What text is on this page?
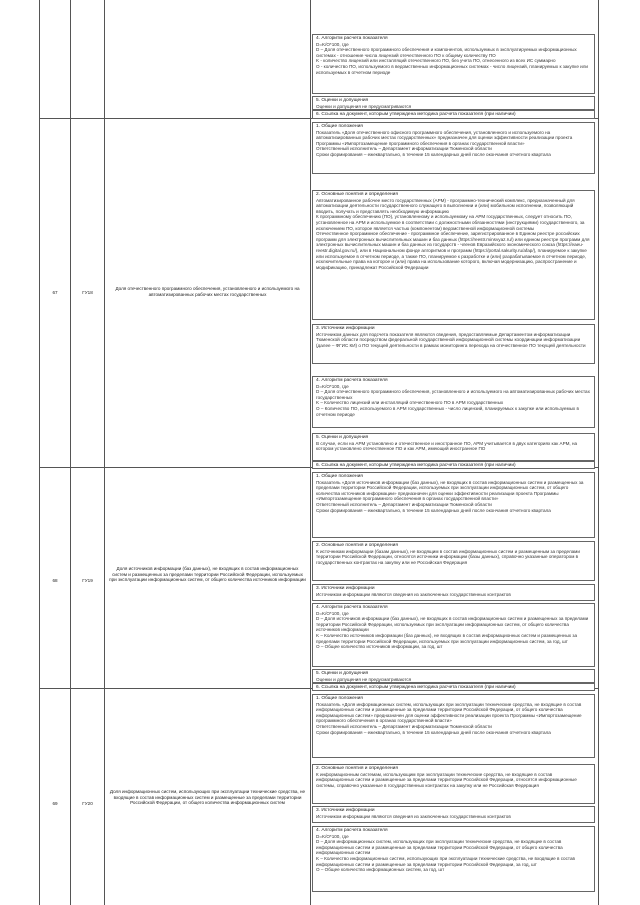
4. Алгоритм расчета показателя
D=K/O*100, где
D – Доля отечественного программного обеспечения и компонентов, используемых в эксплуатируемых информационных системах - отношение числа лицензий отечественного ПО к общему количеству ПО
K - количество лицензий или инсталляций отечественного ПО, без учета ПО, отнесенного из всех ИС суммарно
O - количество ПО, используемого в ведомственных информационных системах - число лицензий, планируемых к закупке или используемых в отчетном периоде
5. Оценки и допущения
Оценки и допущения не предусматриваются
6. Ссылка на документ, которым утверждена методика расчета показателя (при наличии)
67	ГУ18
Доля отечественного программного обеспечения, установленного и используемого на автоматизированных рабочих местах государственных
1. Общие положения
Показатель «Доля отечественного офисного программного обеспечения, установленного и используемого на автоматизированных рабочих местах государственных» предназначен для оценки эффективности реализации проекта Программы «Импортозамещение программного обеспечения в органах государственной власти»
Ответственный исполнитель – Департамент информатизации Тюменской области
Сроки формирования – ежеквартально, в течение 15 календарных дней после окончания отчетного квартала
2. Основные понятия и определения
Автоматизированное рабочее место государственных (АРМ) - программно-технический комплекс, предназначенный для автоматизации деятельности государственного служащего в выполнении и (или) мобильном исполнении, позволяющий вводить, получать и представлять необходимую информацию
К программному обеспечению (ПО), установленному и используемому на АРМ государственных, следует относить ПО, установленное на АРМ и используемое в соответствии с должностными обязанностями (инструкциями) государственного, за исключением ПО, которое является частью (компонентом) ведомственной информационной системы
Отечественное программное обеспечение - программное обеспечение, зарегистрированное в Едином реестре российских программ для электронных вычислительных машин и баз данных (https://reestr.minsvyaz.ru/) или едином реестре программ для электронных вычислительных машин и баз данных из государств - членов Евразийского экономического союза (https://eaeu-reestr.digital.gov.ru/), или в Национальном фонде алгоритмов и программ (https://portal.sakurity.ru/afap/), планируемое к закупке или используемое в отчетном периоде, а также ПО, планируемое к разработке и (или) разрабатываемое в отчетном периоде, исключительные права на которое и (или) права на использование которого, включая модернизацию, распространение и модификацию, принадлежат Российской Федерации
3. Источники информации
Источником данных для подсчета показателя являются сведения, предоставляемые Департаментом информатизации Тюменской области посредством федеральной государственной информационной системы координации информатизации (далее – ФГИС КИ) о ПО текущей деятельности в рамках мониторинга перехода на отечественное ПО текущей деятельности
4. Алгоритм расчета показателя
D=K/O*100, где
D – Доля отечественного программного обеспечения, установленного и используемого на автоматизированных рабочих местах государственных
K – Количество лицензий или инсталляций отечественного ПО в АРМ государственных
O – Количество ПО, используемого в АРМ государственных - число лицензий, планируемых к закупке или используемых в отчетном периоде
5. Оценки и допущения
В случае, если на АРМ установлено и отечественное и иностранное ПО, АРМ учитывается в двух категориях как АРМ, на котором установлено отечественное ПО и как АРМ, имеющий иностранное ПО
6. Ссылка на документ, которым утверждена методика расчета показателя (при наличии)
68	ГУ19
Доля источников информации (баз данных), не входящих в состав информационных систем и размещенных за пределами территории Российской Федерации, используемых при эксплуатации информационных систем, от общего количества источников информации
1. Общие положения
Показатель «Доля источников информации (баз данных), не входящих в состав информационных систем и размещенных за пределами территории Российской Федерации, используемых при эксплуатации информационных систем, от общего количества источников информации» предназначен для оценки эффективности реализации проекта Программы «Импортозамещение программного обеспечения в органах государственной власти»
Ответственный исполнитель – Департамент информатизации Тюменской области
Сроки формирования – ежеквартально, в течение 15 календарных дней после окончания отчетного квартала
2. Основные понятия и определения
К источникам информации (базам данных), не входящим в состав информационных систем и размещенным за пределами территории Российской Федерации, относятся источники информации (базы данных), справочно указанные оператором в государственных контрактах на закупку или не Российская Федерация
3. Источники информации
Источником информации являются сведения из заключенных государственных контрактов
4. Алгоритм расчета показателя
D=K/O*100, где
D – Доля источников информации (баз данных), не входящих в состав информационных систем и размещенных за пределами территории Российской Федерации, используемых при эксплуатации информационных систем, от общего количества источников информации
K – Количество источников информации (баз данных), не входящих в состав информационных систем и размещенных за пределами территории Российской Федерации, используемых при эксплуатации информационных систем, за год, шт
O – Общее количество источников информации, за год, шт
5. Оценки и допущения
Оценки и допущения не предусматриваются
6. Ссылка на документ, которым утверждена методика расчета показателя (при наличии)
69	ГУ20
Доля информационных систем, использующих при эксплуатации технические средства, не входящие в состав информационных систем и размещенные за пределами территории Российской Федерации, от общего количества информационных систем
1. Общие положения
Показатель «Доля информационных систем, использующих при эксплуатации технические средства, не входящие в состав информационных систем и размещенные за пределами территории Российской Федерации, от общего количества информационных систем» предназначен для оценки эффективности реализации проекта Программы «Импортозамещение программного обеспечения в органах государственной власти»
Ответственный исполнитель – Департамент информатизации Тюменской области
Сроки формирования – ежеквартально, в течение 15 календарных дней после окончания отчетного квартала
2. Основные понятия и определения
К информационным системам, использующим при эксплуатации технические средства, не входящие в состав информационных систем и размещенные за пределами территории Российской Федерации, относятся информационные системы, справочно указанные в государственных контрактах на закупку или не Российская Федерация
3. Источники информации
Источником информации являются сведения из заключенных государственных контрактов
4. Алгоритм расчета показателя
D=K/O*100, где
D – Доля информационных систем, использующих при эксплуатации технические средства, не входящие в состав информационных систем и размещенные за пределами территории Российской Федерации, от общего количества информационных систем
K – Количество информационных систем, использующих при эксплуатации технические средства, не входящие в состав информационных систем и размещенные за пределами территории Российской Федерации, за год, шт
O – Общее количество информационных систем, за год, шт
